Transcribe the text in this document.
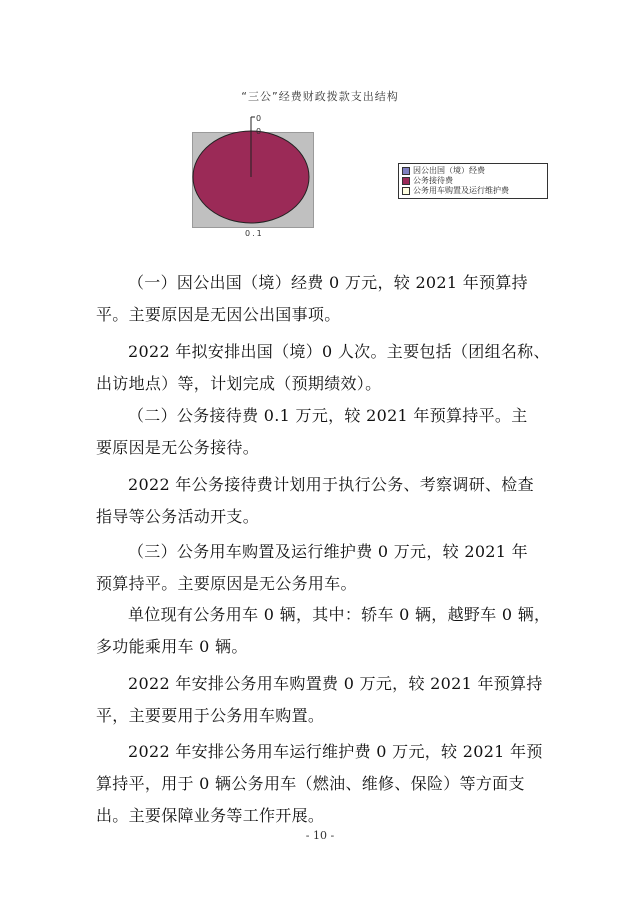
“三公”经费财政拨款支出结构
0
0
0.1
因公出国（境）经费
公务接待费
公务用车购置及运行维护费
（一）因公出国（境）经费 0 万元，较 2021 年预算持
平。主要原因是无因公出国事项。
2022 年拟安排出国（境）0 人次。主要包括（团组名称、
出访地点）等，计划完成（预期绩效）。
（二）公务接待费 0.1 万元，较 2021 年预算持平。主
要原因是无公务接待。
2022 年公务接待费计划用于执行公务、考察调研、检查
指导等公务活动开支。
（三）公务用车购置及运行维护费 0 万元，较 2021 年
预算持平。主要原因是无公务用车。
单位现有公务用车 0 辆，其中：轿车 0 辆，越野车 0 辆，
多功能乘用车 0 辆。
2022 年安排公务用车购置费 0 万元，较 2021 年预算持
平，主要要用于公务用车购置。
2022 年安排公务用车运行维护费 0 万元，较 2021 年预
算持平，用于 0 辆公务用车（燃油、维修、保险）等方面支
出。主要保障业务等工作开展。
- 10 -
